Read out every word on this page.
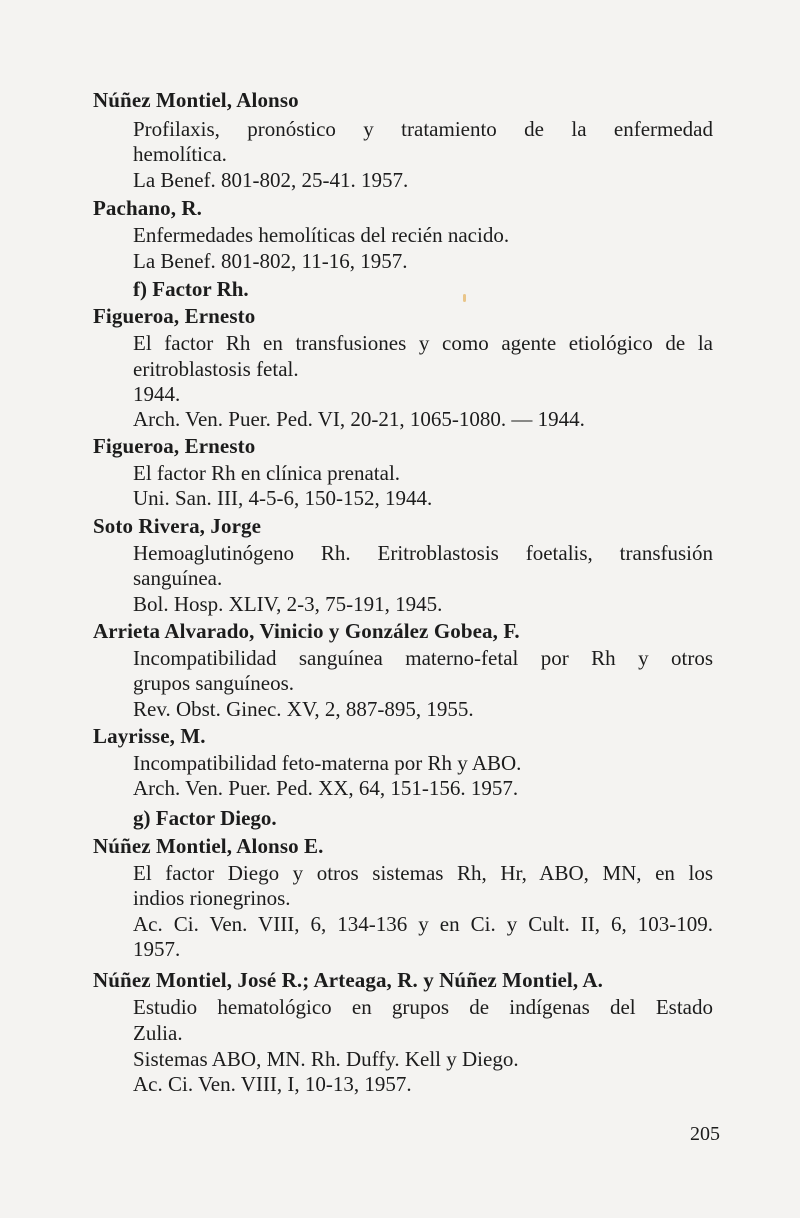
Núñez Montiel, Alonso
Profilaxis, pronóstico y tratamiento de la enfermedad
hemolítica.
La Benef. 801-802, 25-41. 1957.
Pachano, R.
Enfermedades hemolíticas del recién nacido.
La Benef. 801-802, 11-16, 1957.
f) Factor Rh.
Figueroa, Ernesto
El factor Rh en transfusiones y como agente etiológico de la
eritroblastosis fetal.
1944.
Arch. Ven. Puer. Ped. VI, 20-21, 1065-1080. — 1944.
Figueroa, Ernesto
El factor Rh en clínica prenatal.
Uni. San. III, 4-5-6, 150-152, 1944.
Soto Rivera, Jorge
Hemoaglutinógeno Rh. Eritroblastosis foetalis, transfusión
sanguínea.
Bol. Hosp. XLIV, 2-3, 75-191, 1945.
Arrieta Alvarado, Vinicio y González Gobea, F.
Incompatibilidad sanguínea materno-fetal por Rh y otros
grupos sanguíneos.
Rev. Obst. Ginec. XV, 2, 887-895, 1955.
Layrisse, M.
Incompatibilidad feto-materna por Rh y ABO.
Arch. Ven. Puer. Ped. XX, 64, 151-156. 1957.
g) Factor Diego.
Núñez Montiel, Alonso E.
El factor Diego y otros sistemas Rh, Hr, ABO, MN, en los
indios rionegrinos.
Ac. Ci. Ven. VIII, 6, 134-136 y en Ci. y Cult. II, 6, 103-109.
1957.
Núñez Montiel, José R.; Arteaga, R. y Núñez Montiel, A.
Estudio hematológico en grupos de indígenas del Estado
Zulia.
Sistemas ABO, MN. Rh. Duffy. Kell y Diego.
Ac. Ci. Ven. VIII, I, 10-13, 1957.
205
